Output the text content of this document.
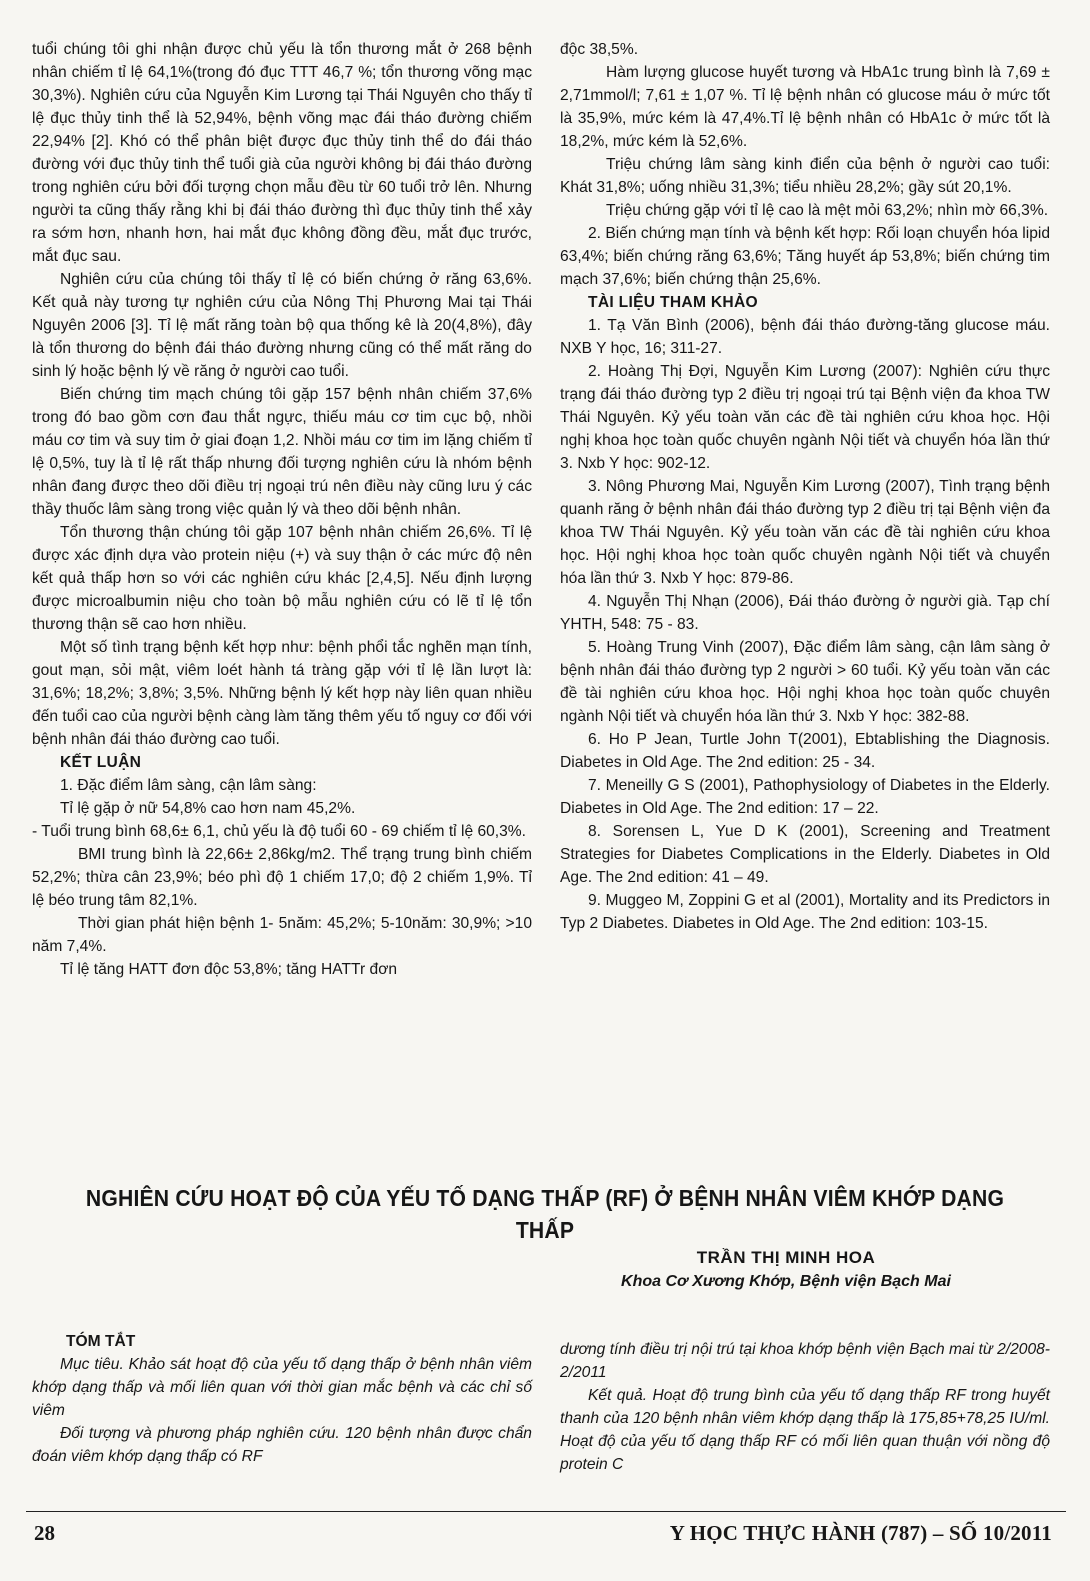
tuổi chúng tôi ghi nhận được chủ yếu là tổn thương mắt ở 268 bệnh nhân chiếm tỉ lệ 64,1%(trong đó đục TTT 46,7 %; tổn thương võng mạc 30,3%). Nghiên cứu của Nguyễn Kim Lương tại Thái Nguyên cho thấy tỉ lệ đục thủy tinh thể là 52,94%, bệnh võng mạc đái tháo đường chiếm 22,94% [2]. Khó có thể phân biệt được đục thủy tinh thể do đái tháo đường với đục thủy tinh thể tuổi già của người không bị đái tháo đường trong nghiên cứu bởi đối tượng chọn mẫu đều từ 60 tuổi trở lên. Nhưng người ta cũng thấy rằng khi bị đái tháo đường thì đục thủy tinh thể xảy ra sớm hơn, nhanh hơn, hai mắt đục không đồng đều, mắt đục trước, mắt đục sau.

Nghiên cứu của chúng tôi thấy tỉ lệ có biến chứng ở răng 63,6%. Kết quả này tương tự nghiên cứu của Nông Thị Phương Mai tại Thái Nguyên 2006 [3]. Tỉ lệ mất răng toàn bộ qua thống kê là 20(4,8%), đây là tổn thương do bệnh đái tháo đường nhưng cũng có thể mất răng do sinh lý hoặc bệnh lý về răng ở người cao tuổi.

Biến chứng tim mạch chúng tôi gặp 157 bệnh nhân chiếm 37,6% trong đó bao gồm cơn đau thắt ngực, thiếu máu cơ tim cục bộ, nhồi máu cơ tim và suy tim ở giai đoạn 1,2. Nhồi máu cơ tim im lặng chiếm tỉ lệ 0,5%, tuy là tỉ lệ rất thấp nhưng đối tượng nghiên cứu là nhóm bệnh nhân đang được theo dõi điều trị ngoại trú nên điều này cũng lưu ý các thầy thuốc lâm sàng trong việc quản lý và theo dõi bệnh nhân.

Tổn thương thận chúng tôi gặp 107 bệnh nhân chiếm 26,6%. Tỉ lệ được xác định dựa vào protein niệu (+) và suy thận ở các mức độ nên kết quả thấp hơn so với các nghiên cứu khác [2,4,5]. Nếu định lượng được microalbumin niệu cho toàn bộ mẫu nghiên cứu có lẽ tỉ lệ tổn thương thận sẽ cao hơn nhiều.

Một số tình trạng bệnh kết hợp như: bệnh phổi tắc nghẽn mạn tính, gout mạn, sỏi mật, viêm loét hành tá tràng gặp với tỉ lệ lần lượt là: 31,6%; 18,2%; 3,8%; 3,5%. Những bệnh lý kết hợp này liên quan nhiều đến tuổi cao của người bệnh càng làm tăng thêm yếu tố nguy cơ đối với bệnh nhân đái tháo đường cao tuổi.

KẾT LUẬN

1. Đặc điểm lâm sàng, cận lâm sàng:

Tỉ lệ gặp ở nữ 54,8% cao hơn nam 45,2%.

- Tuổi trung bình 68,6± 6,1, chủ yếu là độ tuổi 60 - 69 chiếm tỉ lệ 60,3%.

BMI trung bình là 22,66± 2,86kg/m2. Thể trạng trung bình chiếm 52,2%; thừa cân 23,9%; béo phì độ 1 chiếm 17,0; độ 2 chiếm 1,9%. Tỉ lệ béo trung tâm 82,1%.

Thời gian phát hiện bệnh 1- 5năm: 45,2%; 5-10năm: 30,9%; >10 năm 7,4%.

Tỉ lệ tăng HATT đơn độc 53,8%; tăng HATTr đơn

độc 38,5%.

Hàm lượng glucose huyết tương và HbA1c trung bình là 7,69 ± 2,71mmol/l; 7,61 ± 1,07 %. Tỉ lệ bệnh nhân có glucose máu ở mức tốt là 35,9%, mức kém là 47,4%.Tỉ lệ bệnh nhân có HbA1c ở mức tốt là 18,2%, mức kém là 52,6%.

Triệu chứng lâm sàng kinh điển của bệnh ở người cao tuổi: Khát 31,8%; uống nhiều 31,3%; tiểu nhiều 28,2%; gầy sút 20,1%.

Triệu chứng gặp với tỉ lệ cao là mệt mỏi 63,2%; nhìn mờ 66,3%.

2. Biến chứng mạn tính và bệnh kết hợp: Rối loạn chuyển hóa lipid 63,4%; biến chứng răng 63,6%; Tăng huyết áp 53,8%; biến chứng tim mạch 37,6%; biến chứng thận 25,6%.

TÀI LIỆU THAM KHẢO

1. Tạ Văn Bình (2006), bệnh đái tháo đường-tăng glucose máu. NXB Y học, 16; 311-27.

2. Hoàng Thị Đợi, Nguyễn Kim Lương (2007): Nghiên cứu thực trạng đái tháo đường typ 2 điều trị ngoại trú tại Bệnh viện đa khoa TW Thái Nguyên. Kỷ yếu toàn văn các đề tài nghiên cứu khoa học. Hội nghị khoa học toàn quốc chuyên ngành Nội tiết và chuyển hóa lần thứ 3. Nxb Y học: 902-12.

3. Nông Phương Mai, Nguyễn Kim Lương (2007), Tình trạng bệnh quanh răng ở bệnh nhân đái tháo đường typ 2 điều trị tại Bệnh viện đa khoa TW Thái Nguyên. Kỷ yếu toàn văn các đề tài nghiên cứu khoa học. Hội nghị khoa học toàn quốc chuyên ngành Nội tiết và chuyển hóa lần thứ 3. Nxb Y học: 879-86.

4. Nguyễn Thị Nhạn (2006), Đái tháo đường ở người già. Tạp chí YHTH, 548: 75 - 83.

5. Hoàng Trung Vinh (2007), Đặc điểm lâm sàng, cận lâm sàng ở bệnh nhân đái tháo đường typ 2 người > 60 tuổi. Kỷ yếu toàn văn các đề tài nghiên cứu khoa học. Hội nghị khoa học toàn quốc chuyên ngành Nội tiết và chuyển hóa lần thứ 3. Nxb Y học: 382-88.

6. Ho P Jean, Turtle John T(2001), Ebtablishing the Diagnosis. Diabetes in Old Age. The 2nd edition: 25 - 34.

7. Meneilly G S (2001), Pathophysiology of Diabetes in the Elderly. Diabetes in Old Age. The 2nd edition: 17 – 22.

8. Sorensen L, Yue D K (2001), Screening and Treatment Strategies for Diabetes Complications in the Elderly. Diabetes in Old Age. The 2nd edition: 41 – 49.

9. Muggeo M, Zoppini G et al (2001), Mortality and its Predictors in Typ 2 Diabetes. Diabetes in Old Age. The 2nd edition: 103-15.

NGHIÊN CỨU HOẠT ĐỘ CỦA YẾU TỐ DẠNG THẤP (RF) Ở BỆNH NHÂN VIÊM KHỚP DẠNG THẤP
TRẦN THỊ MINH HOA
Khoa Cơ Xương Khớp, Bệnh viện Bạch Mai

TÓM TẮT

Mục tiêu. Khảo sát hoạt độ của yếu tố dạng thấp ở bệnh nhân viêm khớp dạng thấp và mối liên quan với thời gian mắc bệnh và các chỉ số viêm

Đối tượng và phương pháp nghiên cứu. 120 bệnh nhân được chẩn đoán viêm khớp dạng thấp có RF

dương tính điều trị nội trú tại khoa khớp bệnh viện Bạch mai từ 2/2008-2/2011

Kết quả. Hoạt độ trung bình của yếu tố dạng thấp RF trong huyết thanh của 120 bệnh nhân viêm khớp dạng thấp là 175,85+78,25 IU/ml. Hoạt độ của yếu tố dạng thấp RF có mối liên quan thuận với nồng độ protein C

28	Y HỌC THỰC HÀNH (787) – SỐ 10/2011
